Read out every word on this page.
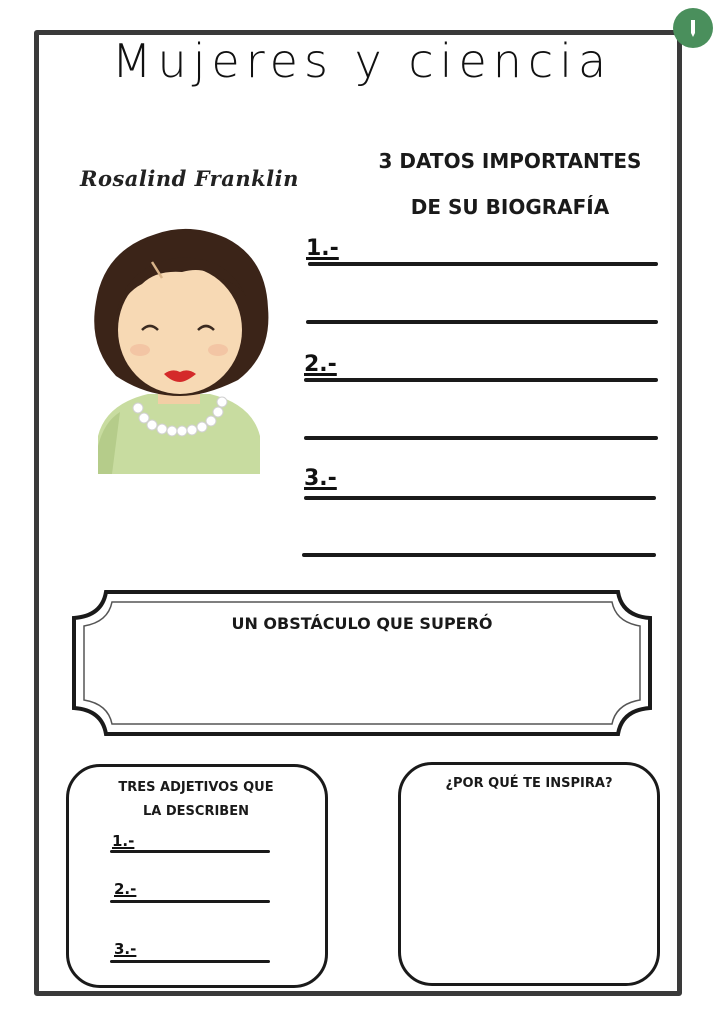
Mujeres y ciencia
Rosalind Franklin
3 DATOS IMPORTANTES
DE SU BIOGRAFÍA
1.-
2.-
3.-
UN OBSTÁCULO QUE SUPERÓ
TRES ADJETIVOS QUE
LA DESCRIBEN
1.-
2.-
3.-
¿POR QUÉ TE INSPIRA?
